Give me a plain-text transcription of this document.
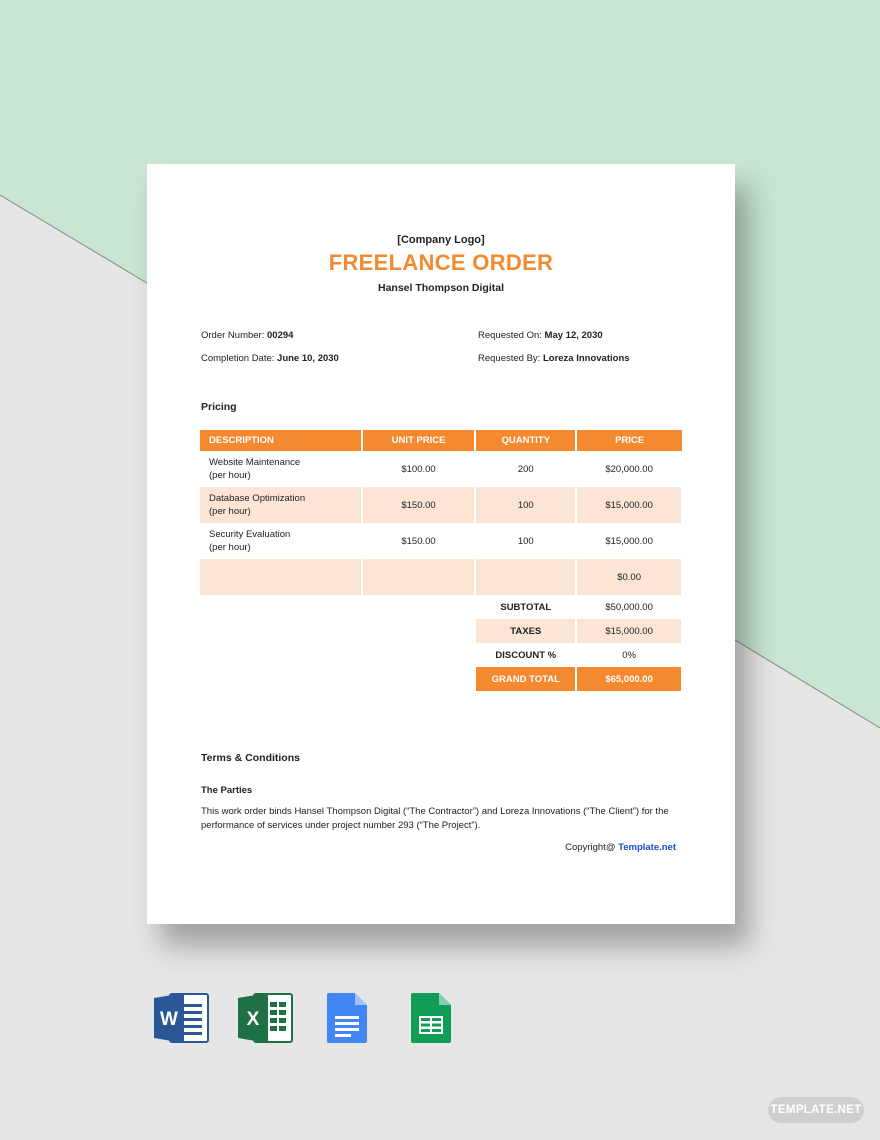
[Company Logo]
FREELANCE ORDER
Hansel Thompson Digital
Order Number: 00294
Completion Date: June 10, 2030
Requested On: May 12, 2030
Requested By: Loreza Innovations
Pricing
DESCRIPTION	UNIT PRICE	QUANTITY	PRICE

Website Maintenance
(per hour)	$100.00	200	$20,000.00

Database Optimization
(per hour)	$150.00	100	$15,000.00

Security Evaluation
(per hour)	$150.00	100	$15,000.00

			$0.00
		SUBTOTAL	$50,000.00
		TAXES	$15,000.00
		DISCOUNT %	0%
		GRAND TOTAL	$65,000.00
Terms & Conditions
The Parties
This work order binds Hansel Thompson Digital (“The Contractor”) and Loreza Innovations (“The Client”) for the performance of services under project number 293 (“The Project”).
Copyright@ Template.net
W	X
TEMPLATE.NET
